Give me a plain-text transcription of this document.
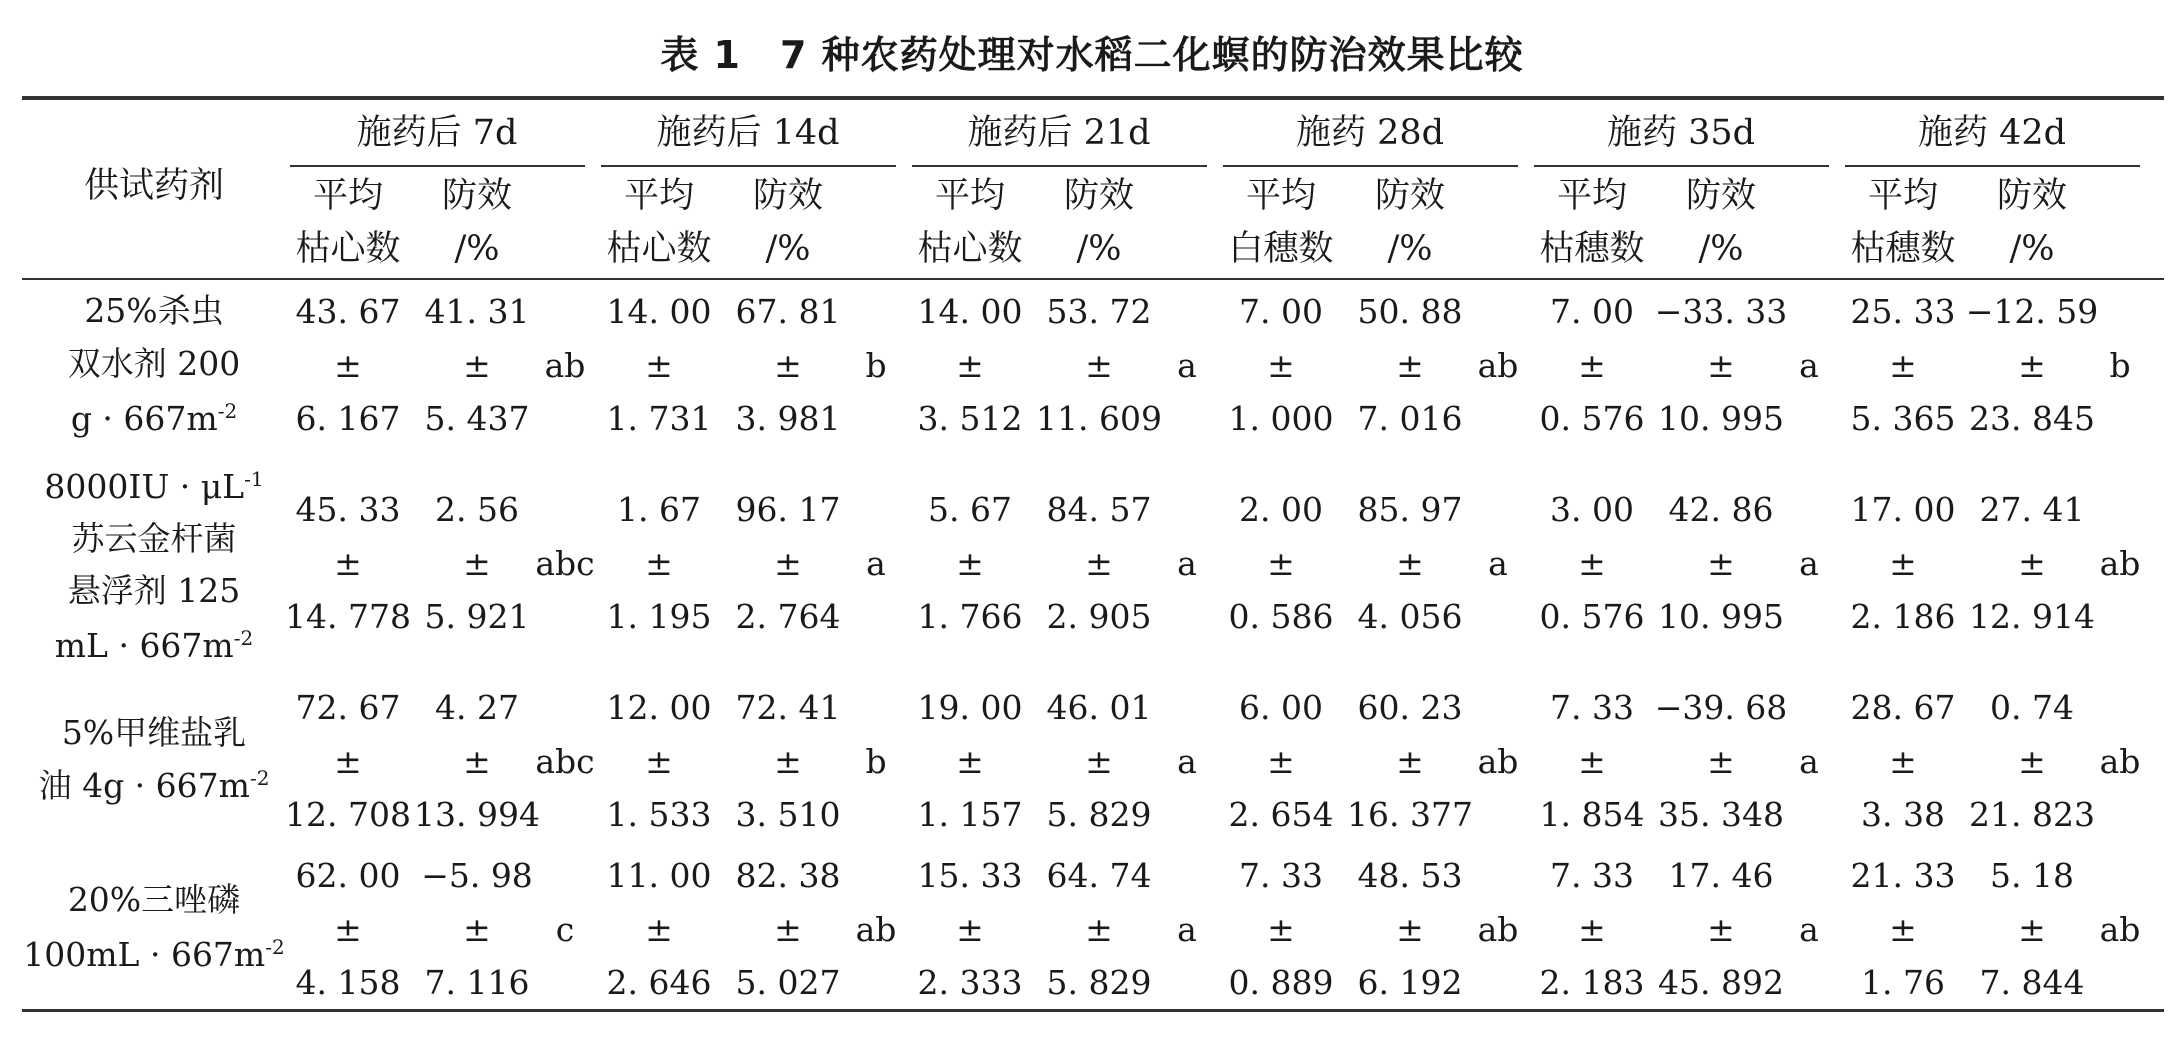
表 1　7 种农药处理对水稻二化螟的防治效果比较
供试药剂
施药后 7d
平均
枯心数
防效
/%
施药后 14d
平均
枯心数
防效
/%
施药后 21d
平均
枯心数
防效
/%
施药 28d
平均
白穗数
防效
/%
施药 35d
平均
枯穗数
防效
/%
施药 42d
平均
枯穗数
防效
/%
43. 67
±
6. 167
41. 31
±
5. 437
ab
14. 00
±
1. 731
67. 81
±
3. 981
b
14. 00
±
3. 512
53. 72
±
11. 609
a
7. 00
±
1. 000
50. 88
±
7. 016
ab
7. 00
±
0. 576
−33. 33
±
10. 995
a
25. 33
±
5. 365
−12. 59
±
23. 845
b
45. 33
±
14. 778
2. 56
±
5. 921
abc
1. 67
±
1. 195
96. 17
±
2. 764
a
5. 67
±
1. 766
84. 57
±
2. 905
a
2. 00
±
0. 586
85. 97
±
4. 056
a
3. 00
±
0. 576
42. 86
±
10. 995
a
17. 00
±
2. 186
27. 41
±
12. 914
ab
72. 67
±
12. 708
4. 27
±
13. 994
abc
12. 00
±
1. 533
72. 41
±
3. 510
b
19. 00
±
1. 157
46. 01
±
5. 829
a
6. 00
±
2. 654
60. 23
±
16. 377
ab
7. 33
±
1. 854
−39. 68
±
35. 348
a
28. 67
±
3. 38
0. 74
±
21. 823
ab
62. 00
±
4. 158
−5. 98
±
7. 116
c
11. 00
±
2. 646
82. 38
±
5. 027
ab
15. 33
±
2. 333
64. 74
±
5. 829
a
7. 33
±
0. 889
48. 53
±
6. 192
ab
7. 33
±
2. 183
17. 46
±
45. 892
a
21. 33
±
1. 76
5. 18
±
7. 844
ab
25%杀虫
双水剂 200
$g \cdot 667m^{-2}$
$8000IU \cdot \mu L^{-1}$
苏云金杆菌
悬浮剂 125
mL · $667m^{-2}$
5%甲维盐乳
油 $4g \cdot 667m^{-2}$
20%三唑磷
$100mL \cdot 667m^{-2}$
